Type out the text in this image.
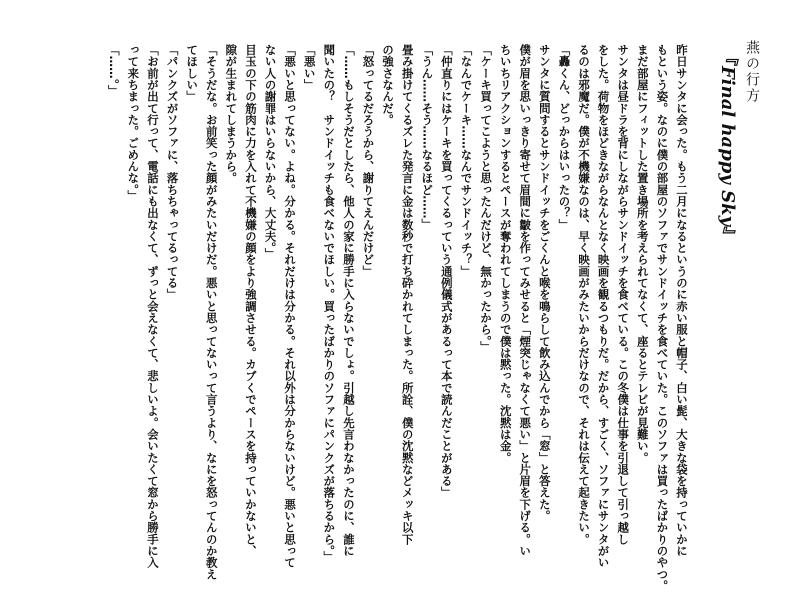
燕の行方
『Final happy Sky』
昨日サンタに会った。もう二月になるというのに赤い服と帽子、白い髭、大きな袋を持っていかに
もという姿。なのに僕の部屋のソファでサンドイッチを食べていた。このソファは買ったばかりのやつ。
まだ部屋にフィットした置き場所を考えられてなくて、座るとテレビが見難い。
サンタは昼ドラを背にしながらサンドイッチを食べている。この冬僕は仕事を引退して引っ越し
をした。荷物をほどきながらなんとなく映画を観るつもりだ。だから、すごく、ソファにサンタがい
るのは邪魔だ。僕が不機嫌なのは、早く映画がみたいからだけなので、それは伝えて起きたい。
「轟くん、どっからはいったの？」
サンタに質問するとサンドイッチをごくんと喉を鳴らして飲み込んでから「窓」と答えた。
僕が眉を思いっきり寄せて眉間に皺を作ってみせると「煙突じゃなくて悪い」と片眉を下げる。い
ちいちリアクションするとペースが奪われてしまうので僕は黙った。沈黙は金。
「ケーキ買ってこようと思ったんだけど、無かったから。」
「なんでケーキ……なんでサンドイッチ？」
「仲直りにはケーキを買ってくるっていう通例儀式があるって本で読んだことがある」
「うん……そう……なるほど……」
畳み掛けてくるズレた発言に金は数秒で打ち砕かれてしまった。所詮、僕の沈黙などメッキ以下
の強さなんだ。
「怒ってるだろうから、謝りてえんだけど」
「……もしそうだとしたら、他人の家に勝手に入らないでしょ。引越し先言わなかったのに、誰に
聞いたの？　サンドイッチも食べないでほしい。買ったばかりのソファにパンクズが落ちるから。」
「悪い」
「悪いと思ってない。よね。分かる。それだけは分かる。それ以外は分からないけど。悪いと思って
ない人の謝罪はいらないから、大丈夫。」
目玉の下の筋肉に力を入れて不機嫌の顔をより強調させる。カブくでペースを持っていかないと、
隙が生まれてしまうから。
「そうだな。お前笑った顔がみたいだけだ。悪いと思ってないって言うより、なにを怒ってんのか教え
てほしい」
「パンクズがソファに、落ちちゃってるってる」
「お前が出て行って、電話にも出なくて、ずっと会えなくて、悲しいよ。会いたくて窓から勝手に入
って来ちまった。ごめんな。」
「……。」
